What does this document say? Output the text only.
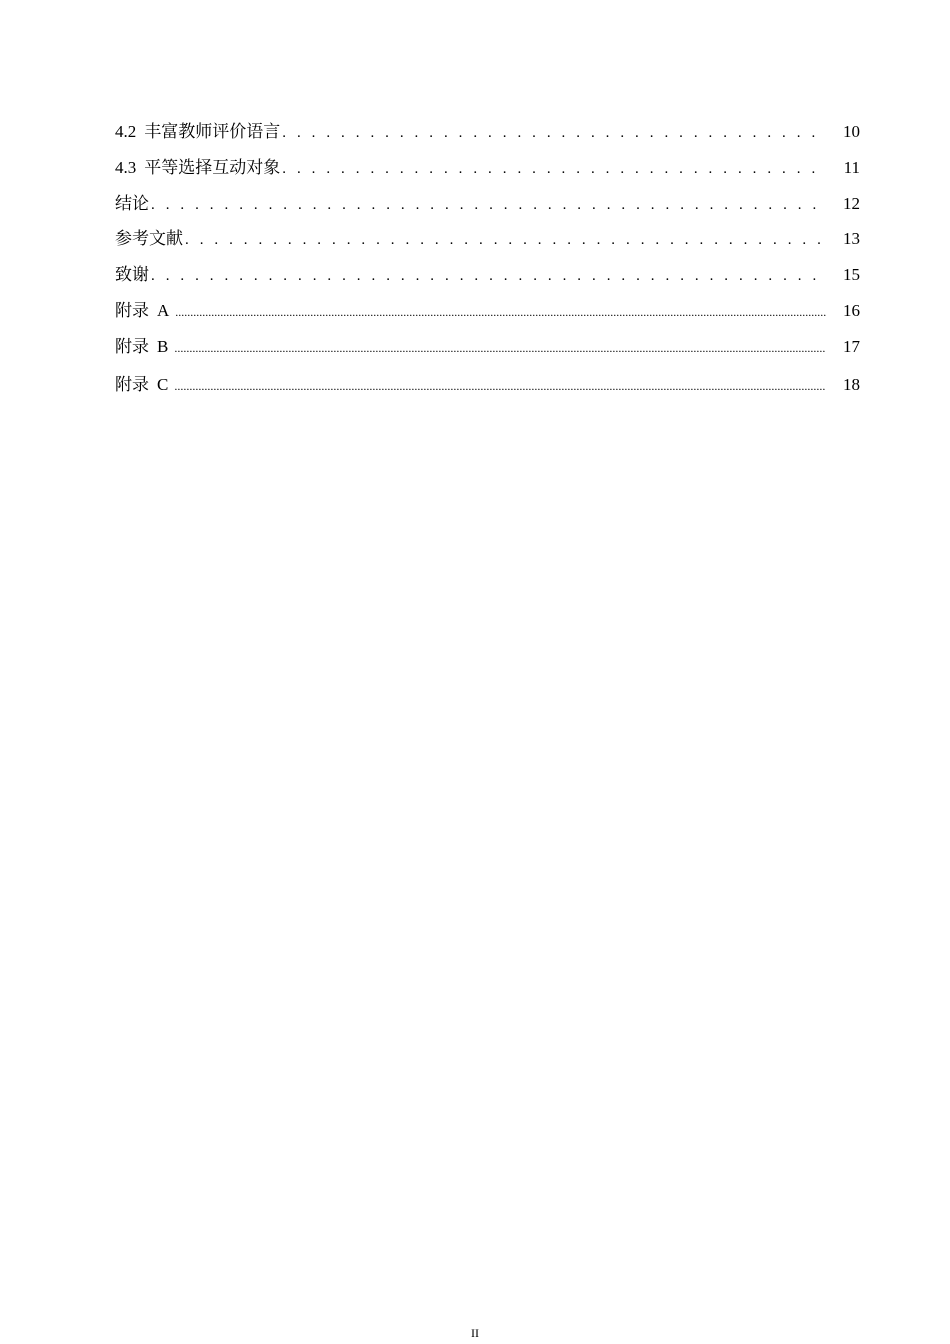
4.2 丰富教师评价语言 . . .	10
4.3 平等选择互动对象 . . .	11
结论 . . .	12
参考文献 . . .	13
致谢 . . .	15
附录 A .....	16
附录 B .....	17
附录 C .....	18
II
